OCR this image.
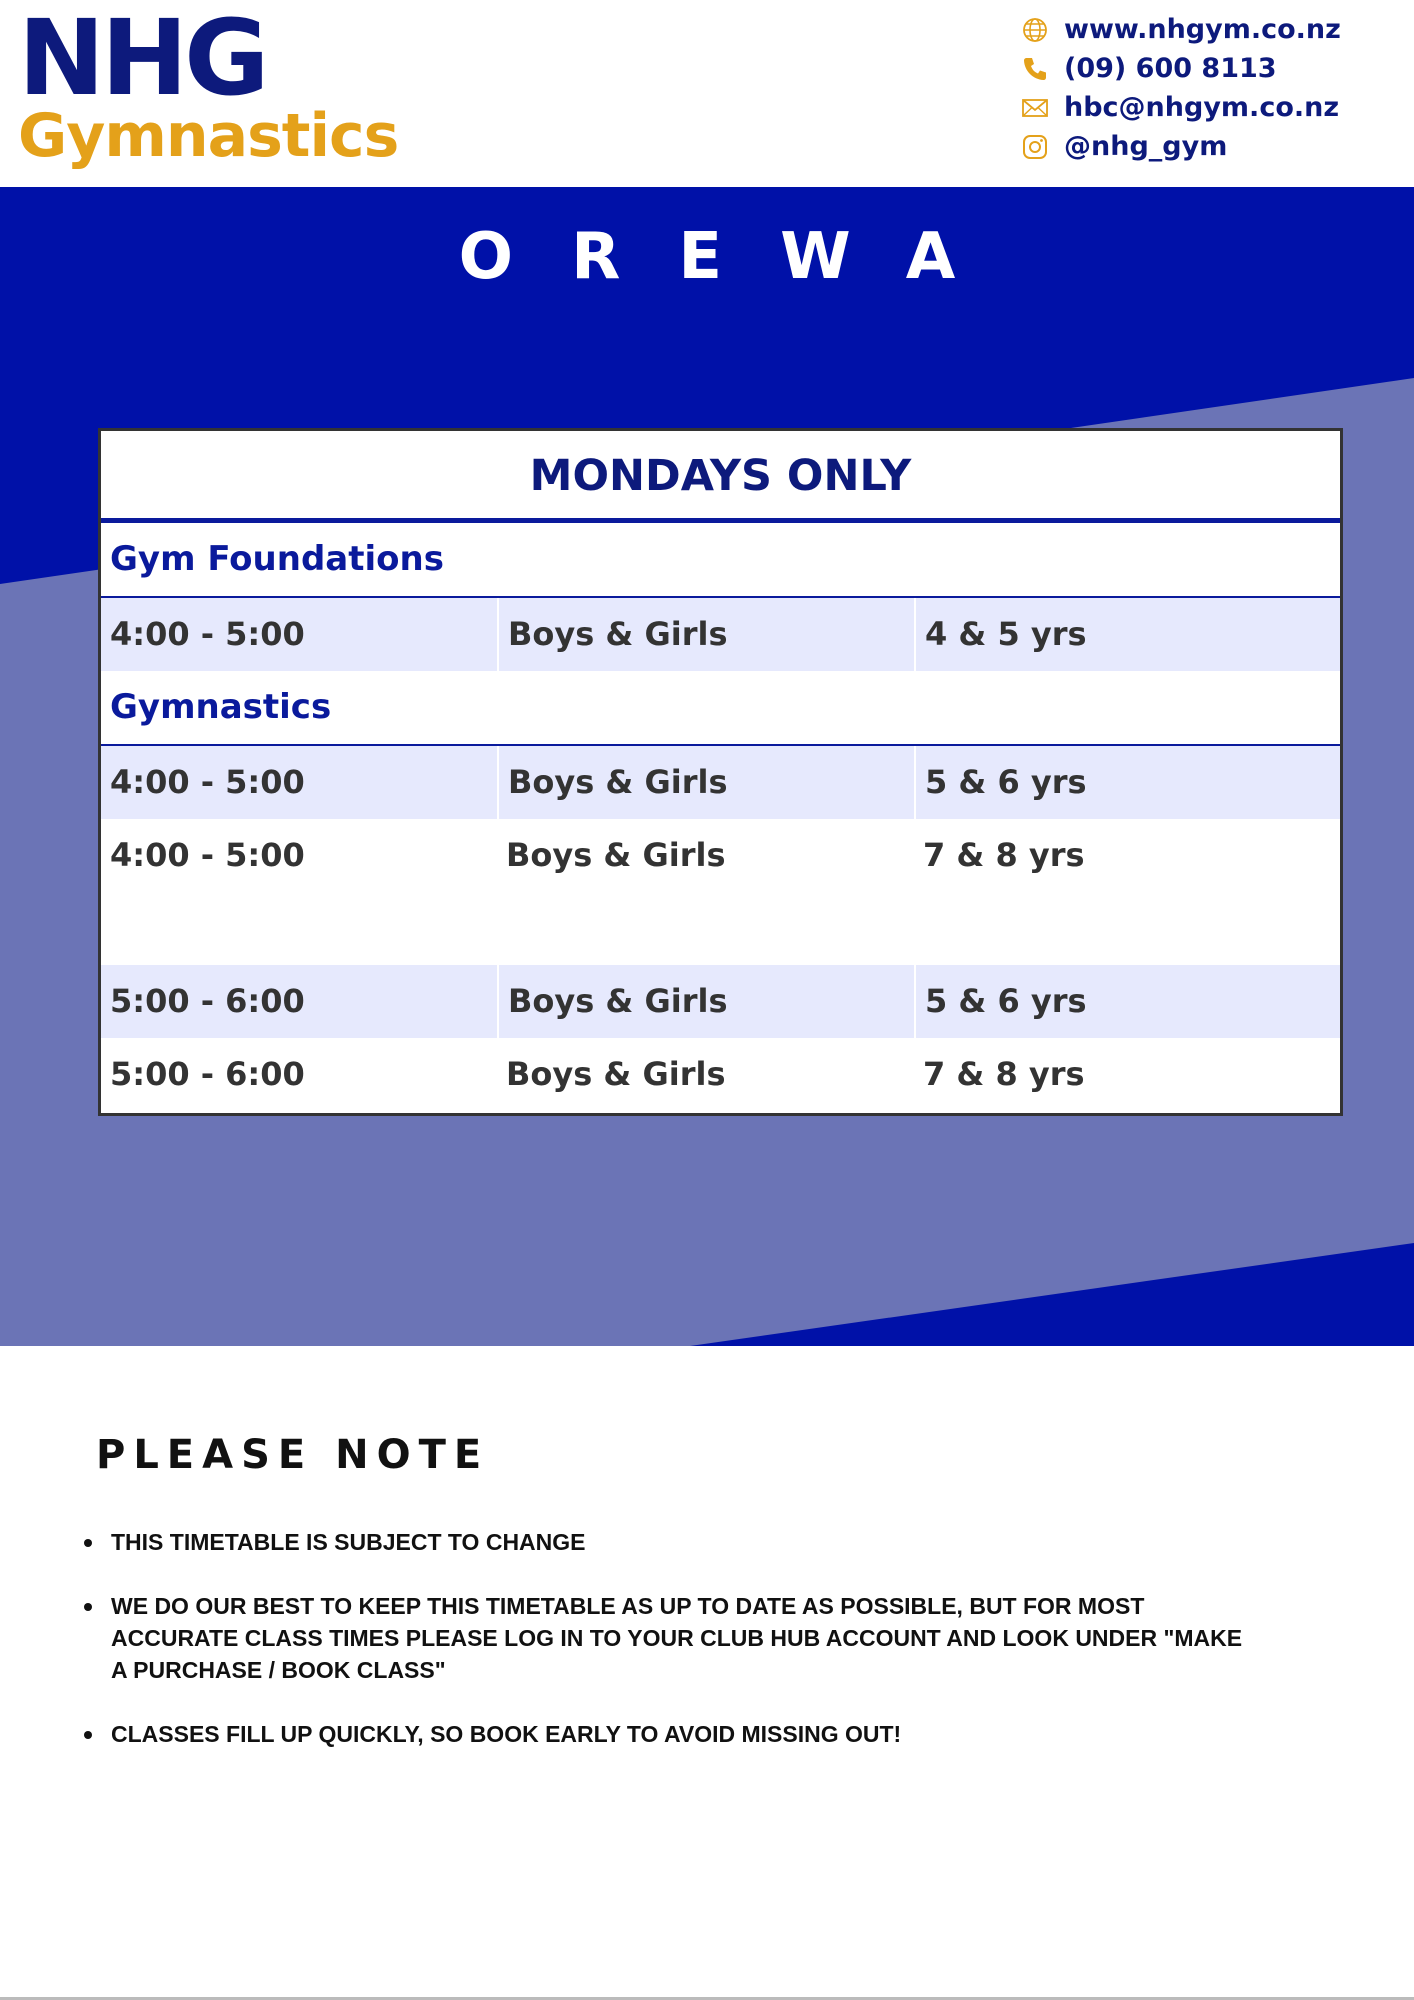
NHG
Gymnastics
www.nhgym.co.nz
(09) 600 8113
hbc@nhgym.co.nz
@nhg_gym
OREWA
MONDAYS ONLY
Gym Foundations
4:00 - 5:00	Boys & Girls	4 & 5 yrs
Gymnastics
4:00 - 5:00	Boys & Girls	5 & 6 yrs
4:00 - 5:00	Boys & Girls	7 & 8 yrs
5:00 - 6:00	Boys & Girls	5 & 6 yrs
5:00 - 6:00	Boys & Girls	7 & 8 yrs
PLEASE NOTE
THIS TIMETABLE IS SUBJECT TO CHANGE
WE DO OUR BEST TO KEEP THIS TIMETABLE AS UP TO DATE AS POSSIBLE, BUT FOR MOST ACCURATE CLASS TIMES PLEASE LOG IN TO YOUR CLUB HUB ACCOUNT AND LOOK UNDER "MAKE A PURCHASE / BOOK CLASS"
CLASSES FILL UP QUICKLY, SO BOOK EARLY TO AVOID MISSING OUT!
